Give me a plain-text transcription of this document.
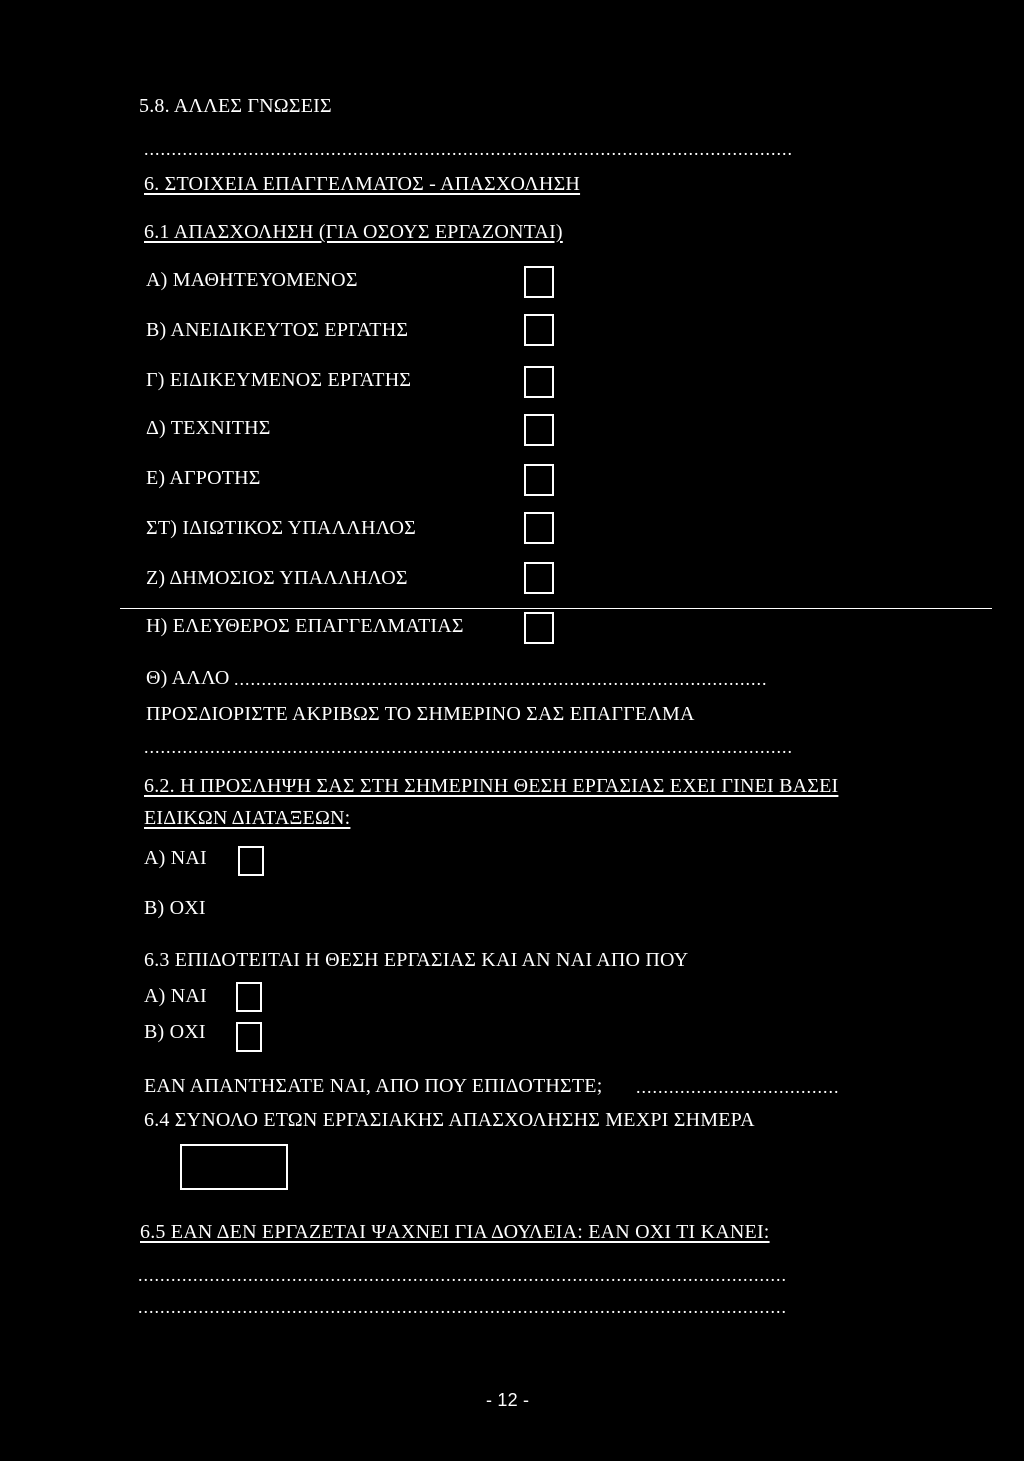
5.8. ΑΛΛΕΣ ΓΝΩΣΕΙΣ
......................................................................................................................
6. ΣΤΟΙΧΕΙΑ ΕΠΑΓΓΕΛΜΑΤΟΣ - ΑΠΑΣΧΟΛΗΣΗ
6.1 ΑΠΑΣΧΟΛΗΣΗ (ΓΙΑ ΟΣΟΥΣ ΕΡΓΑΖΟΝΤΑΙ)
Α) ΜΑΘΗΤΕΥΟΜΕΝΟΣ
Β) ΑΝΕΙΔΙΚΕΥΤΟΣ ΕΡΓΑΤΗΣ
Γ) ΕΙΔΙΚΕΥΜΕΝΟΣ ΕΡΓΑΤΗΣ
Δ) ΤΕΧΝΙΤΗΣ
Ε) ΑΓΡΟΤΗΣ
ΣΤ) ΙΔΙΩΤΙΚΟΣ ΥΠΑΛΛΗΛΟΣ
Ζ) ΔΗΜΟΣΙΟΣ ΥΠΑΛΛΗΛΟΣ
Η) ΕΛΕΥΘΕΡΟΣ ΕΠΑΓΓΕΛΜΑΤΙΑΣ
Θ) ΑΛΛΟ .................................................................................................
ΠΡΟΣΔΙΟΡΙΣΤΕ ΑΚΡΙΒΩΣ ΤΟ ΣΗΜΕΡΙΝΟ ΣΑΣ ΕΠΑΓΓΕΛΜΑ
......................................................................................................................
6.2. Η ΠΡΟΣΛΗΨΗ ΣΑΣ ΣΤΗ ΣΗΜΕΡΙΝΗ ΘΕΣΗ ΕΡΓΑΣΙΑΣ ΕΧΕΙ ΓΙΝΕΙ ΒΑΣΕΙ
ΕΙΔΙΚΩΝ ΔΙΑΤΑΞΕΩΝ:
Α) ΝΑΙ
Β) ΟΧΙ
6.3 ΕΠΙΔΟΤΕΙΤΑΙ Η ΘΕΣΗ ΕΡΓΑΣΙΑΣ ΚΑΙ ΑΝ ΝΑΙ ΑΠΟ ΠΟΥ
Α) ΝΑΙ
Β) ΟΧΙ
ΕΑΝ ΑΠΑΝΤΗΣΑΤΕ ΝΑΙ, ΑΠΟ ΠΟΥ ΕΠΙΔΟΤΗΣΤΕ; .....................................
6.4 ΣΥΝΟΛΟ ΕΤΩΝ ΕΡΓΑΣΙΑΚΗΣ ΑΠΑΣΧΟΛΗΣΗΣ ΜΕΧΡΙ ΣΗΜΕΡΑ
6.5 ΕΑΝ ΔΕΝ ΕΡΓΑΖΕΤΑΙ ΨΑΧΝΕΙ ΓΙΑ ΔΟΥΛΕΙΑ: ΕΑΝ ΟΧΙ ΤΙ ΚΑΝΕΙ:
......................................................................................................................
......................................................................................................................
- 12 -
